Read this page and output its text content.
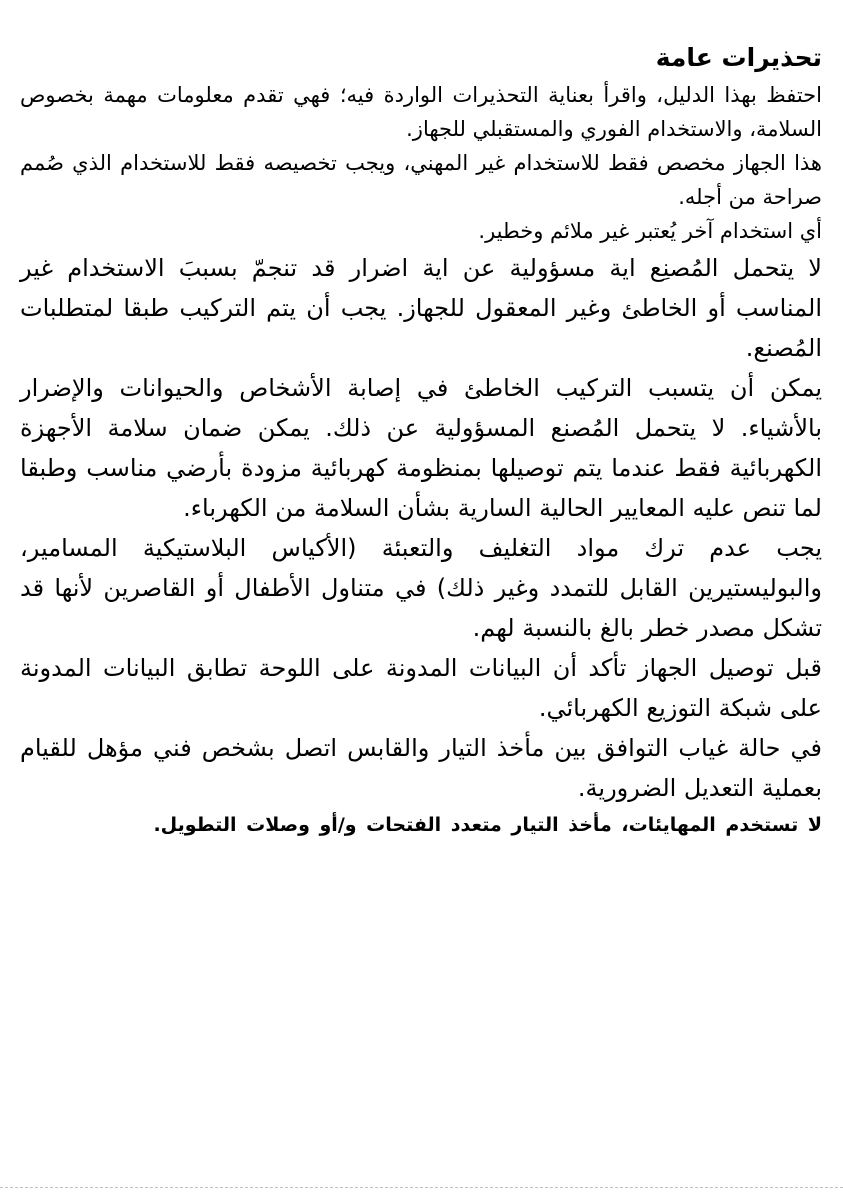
تحذيرات عامة

احتفظ بهذا الدليل، واقرأ بعناية التحذيرات الواردة فيه؛ فهي تقدم معلومات مهمة بخصوص السلامة، والاستخدام الفوري والمستقبلي للجهاز.

هذا الجهاز مخصص فقط للاستخدام غير المهني، ويجب تخصيصه فقط للاستخدام الذي صُمم صراحة من أجله.

أي استخدام آخر يُعتبر غير ملائم وخطير.

لا يتحمل المُصنِع اية مسؤولية عن اية اضرار قد تنجمّ بسببَ الاستخدام غير المناسب أو الخاطئ وغير المعقول للجهاز. يجب أن يتم التركيب طبقا لمتطلبات المُصنع.

يمكن أن يتسبب التركيب الخاطئ في إصابة الأشخاص والحيوانات والإضرار بالأشياء. لا يتحمل المُصنع المسؤولية عن ذلك. يمكن ضمان سلامة الأجهزة الكهربائية فقط عندما يتم توصيلها بمنظومة كهربائية مزودة بأرضي مناسب وطبقا لما تنص عليه المعايير الحالية السارية بشأن السلامة من الكهرباء.

يجب عدم ترك مواد التغليف والتعبئة (الأكياس البلاستيكية المسامير، والبوليستيرين القابل للتمدد وغير ذلك) في متناول الأطفال أو القاصرين لأنها قد تشكل مصدر خطر بالغ بالنسبة لهم.

قبل توصيل الجهاز تأكد أن البيانات المدونة على اللوحة تطابق البيانات المدونة على شبكة التوزيع الكهربائي.

في حالة غياب التوافق بين مأخذ التيار والقابس اتصل بشخص فني مؤهل للقيام بعملية التعديل الضرورية.

لا تستخدم المهايئات، مأخذ التيار متعدد الفتحات و/أو وصلات التطويل.
